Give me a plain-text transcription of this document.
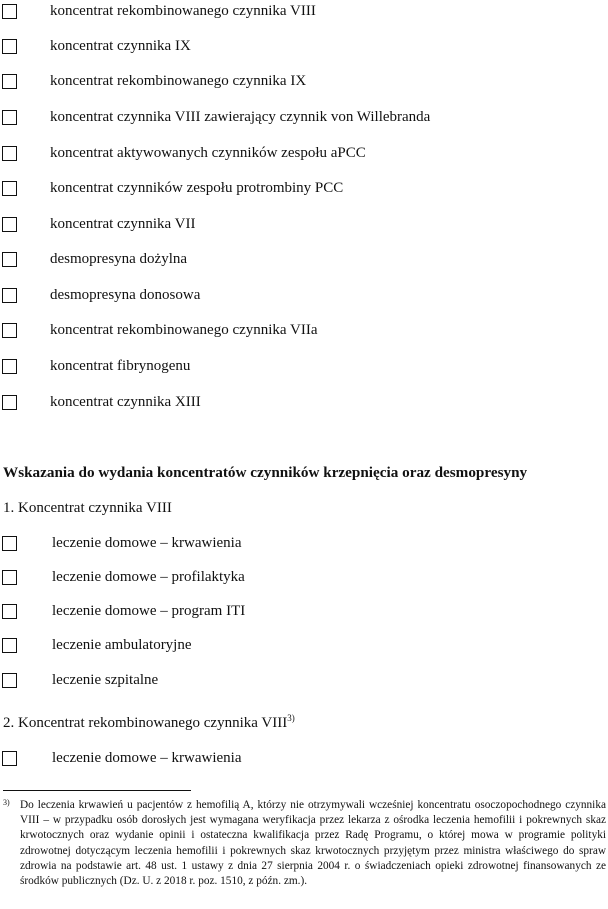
koncentrat rekombinowanego czynnika VIII
koncentrat czynnika IX
koncentrat rekombinowanego czynnika IX
koncentrat czynnika VIII zawierający czynnik von Willebranda
koncentrat aktywowanych czynników zespołu aPCC
koncentrat czynników zespołu protrombiny PCC
koncentrat czynnika VII
desmopresyna dożylna
desmopresyna donosowa
koncentrat rekombinowanego czynnika VIIa
koncentrat fibrynogenu
koncentrat czynnika XIII
Wskazania do wydania koncentratów czynników krzepnięcia oraz desmopresyny
1. Koncentrat czynnika VIII
leczenie domowe – krwawienia
leczenie domowe – profilaktyka
leczenie domowe – program ITI
leczenie ambulatoryjne
leczenie szpitalne
2. Koncentrat rekombinowanego czynnika VIII$^{3)}$
leczenie domowe – krwawienia
3) Do leczenia krwawień u pacjentów z hemofilią A, którzy nie otrzymywali wcześniej koncentratu osoczopochodnego czynnika VIII – w przypadku osób dorosłych jest wymagana weryfikacja przez lekarza z ośrodka leczenia hemofilii i pokrewnych skaz krwotocznych oraz wydanie opinii i ostateczna kwalifikacja przez Radę Programu, o której mowa w programie polityki zdrowotnej dotyczącym leczenia hemofilii i pokrewnych skaz krwotocznych przyjętym przez ministra właściwego do spraw zdrowia na podstawie art. 48 ust. 1 ustawy z dnia 27 sierpnia 2004 r. o świadczeniach opieki zdrowotnej finansowanych ze środków publicznych (Dz. U. z 2018 r. poz. 1510, z późn. zm.).
